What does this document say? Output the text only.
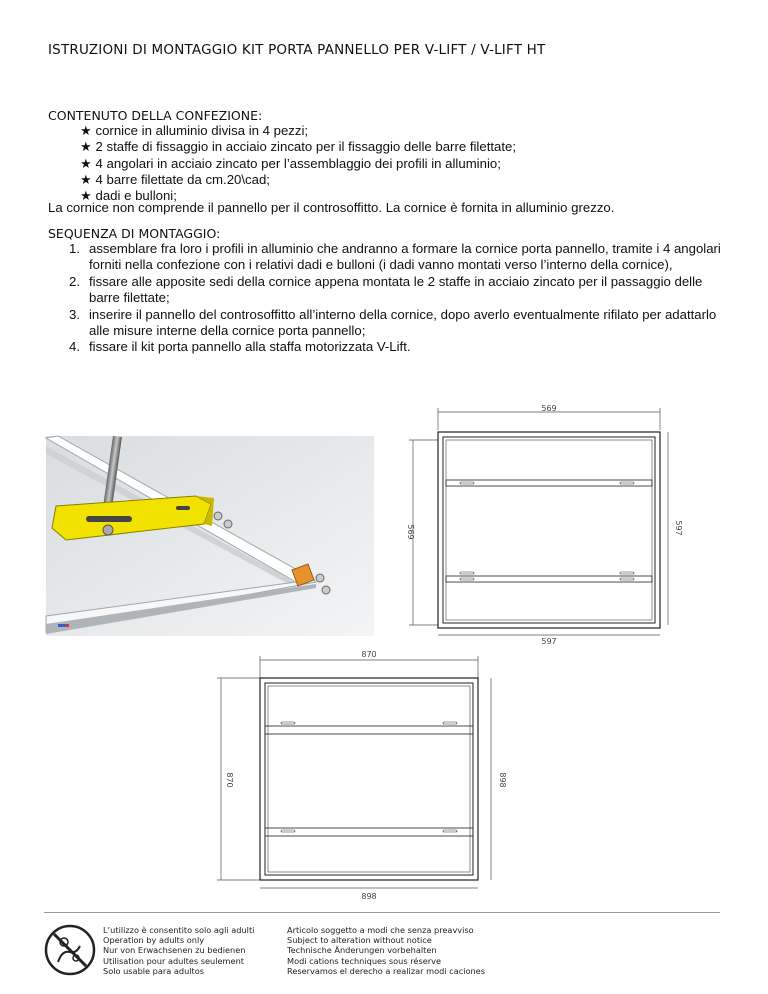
ISTRUZIONI DI MONTAGGIO KIT PORTA PANNELLO PER V-LIFT / V-LIFT HT
CONTENUTO DELLA CONFEZIONE:
★ cornice in alluminio divisa in 4 pezzi;
★ 2 staffe di fissaggio in acciaio zincato per il fissaggio delle barre filettate;
★ 4 angolari in acciaio zincato per l’assemblaggio dei profili in alluminio;
★ 4 barre filettate da cm.20\cad;
★ dadi e bulloni;
La cornice non comprende il pannello per il controsoffitto. La cornice è fornita in alluminio grezzo.
SEQUENZA DI MONTAGGIO:
1. assemblare fra loro i profili in alluminio che andranno a formare la cornice porta pannello, tramite i 4 angolari forniti nella confezione con i relativi dadi e bulloni (i dadi vanno montati verso l’interno della cornice),
2. fissare alle apposite sedi della cornice appena montata le 2 staffe in acciaio zincato per il passaggio delle barre filettate;
3. inserire il pannello del controsoffitto all’interno della cornice, dopo averlo eventualmente rifilato per adattarlo alle misure interne della cornice porta pannello;
4. fissare il kit porta pannello alla staffa motorizzata V-Lift.
569
569	597
597
870
870	898
898
L’utilizzo è consentito solo agli adulti
Operation by adults only
Nur von Erwachsenen zu bedienen
Utilisation pour adultes seulement
Solo usable para adultos
Articolo soggetto a modi che senza preavviso
Subject to alteration without notice
Technische Änderungen vorbehalten
Modi cations techniques sous réserve
Reservamos el derecho a realizar modi caciones
